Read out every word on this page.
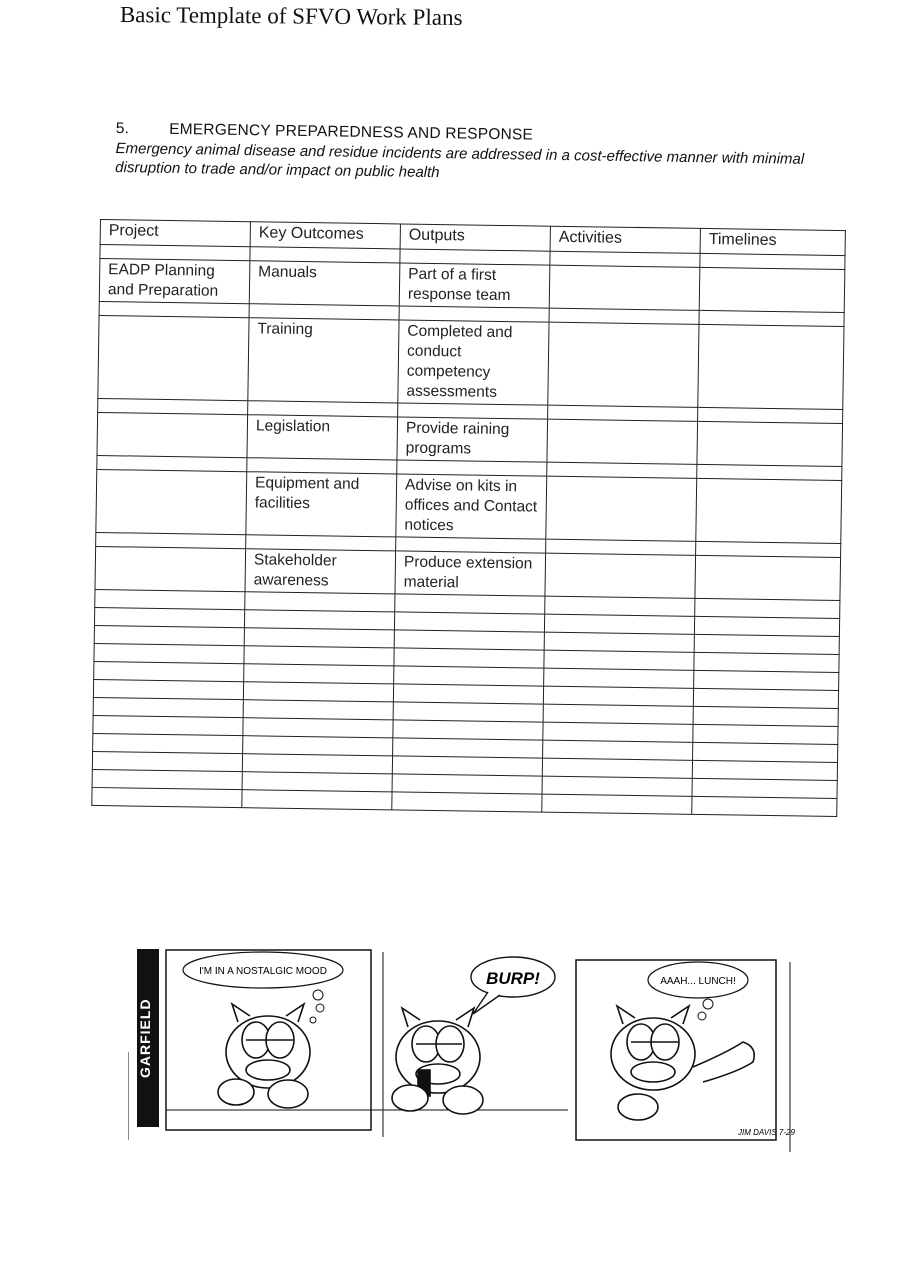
Basic Template of SFVO Work Plans
5.	EMERGENCY PREPAREDNESS AND RESPONSE
Emergency animal disease and residue incidents are addressed in a cost-effective manner with minimal disruption to trade and/or impact on public health
Project	Key Outcomes	Outputs	Activities	Timelines

EADP Planning and Preparation	Manuals	Part of a first response team		

	Training	Completed and conduct competency assessments		

	Legislation	Provide raining programs		

	Equipment and facilities	Advise on kits in offices and Contact notices		

	Stakeholder awareness	Produce extension material		

I'M IN A NOSTALGIC MOOD	BURP!	AAAH... LUNCH!
JIM DAVIS 7-29
GARFIELD
